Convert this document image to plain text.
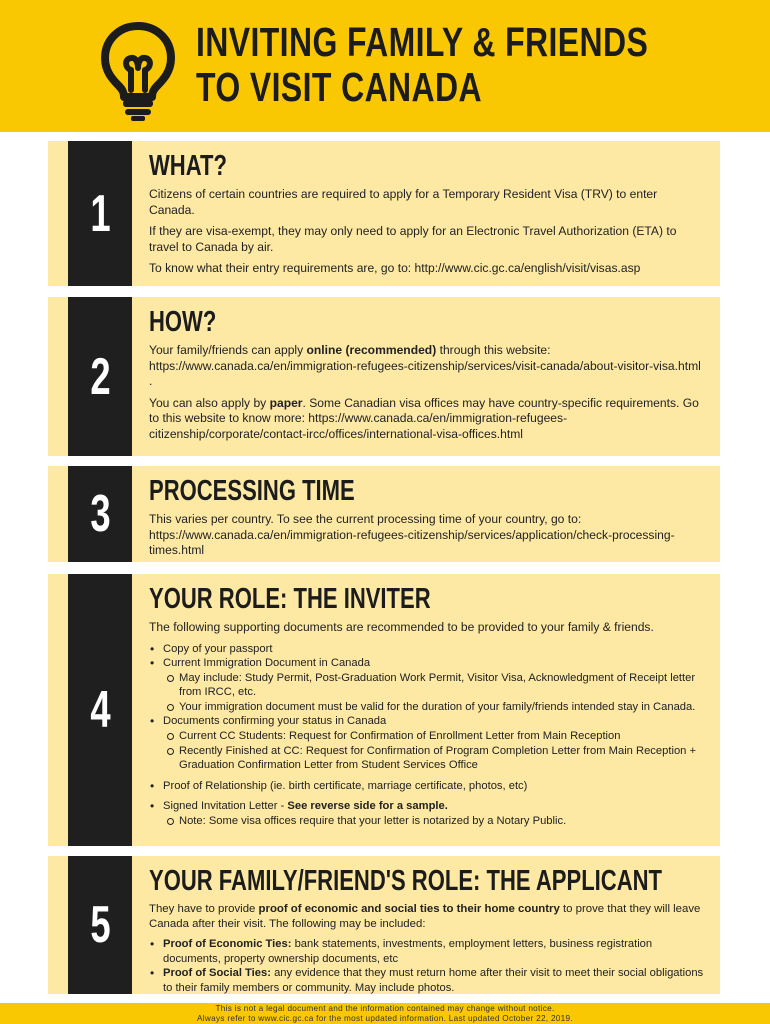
INVITING FAMILY & FRIENDS
TO VISIT CANADA
1
WHAT?

Citizens of certain countries are required to apply for a Temporary Resident Visa (TRV) to enter Canada.

If they are visa-exempt, they may only need to apply for an Electronic Travel Authorization (ETA) to travel to Canada by air.

To know what their entry requirements are, go to: http://www.cic.gc.ca/english/visit/visas.asp

2
HOW?

Your family/friends can apply online (recommended) through this website: https://www.canada.ca/en/immigration-refugees-citizenship/services/visit-canada/about-visitor-visa.html .

You can also apply by paper. Some Canadian visa offices may have country-specific requirements. Go to this website to know more: https://www.canada.ca/en/immigration-refugees-citizenship/corporate/contact-ircc/offices/international-visa-offices.html

3 PROCESSING TIME

This varies per country. To see the current processing time of your country, go to: https://www.canada.ca/en/immigration-refugees-citizenship/services/application/check-processing-times.html

4
YOUR ROLE: THE INVITER

The following supporting documents are recommended to be provided to your family & friends.

• Copy of your passport
• Current Immigration Document in Canada
May include: Study Permit, Post-Graduation Work Permit, Visitor Visa, Acknowledgment of Receipt letter from IRCC, etc.
Your immigration document must be valid for the duration of your family/friends intended stay in Canada.
• Documents confirming your status in Canada
Current CC Students: Request for Confirmation of Enrollment Letter from Main Reception
Recently Finished at CC: Request for Confirmation of Program Completion Letter from Main Reception + Graduation Confirmation Letter from Student Services Office
• Proof of Relationship (ie. birth certificate, marriage certificate, photos, etc)
• Signed Invitation Letter - See reverse side for a sample.
Note: Some visa offices require that your letter is notarized by a Notary Public.
5
YOUR FAMILY/FRIEND'S ROLE: THE APPLICANT

They have to provide proof of economic and social ties to their home country to prove that they will leave Canada after their visit. The following may be included:

• Proof of Economic Ties: bank statements, investments, employment letters, business registration documents, property ownership documents, etc
• Proof of Social Ties: any evidence that they must return home after their visit to meet their social obligations to their family members or community. May include photos.
This is not a legal document and the information contained may change without notice.
Always refer to www.cic.gc.ca for the most updated information. Last updated October 22, 2019.
